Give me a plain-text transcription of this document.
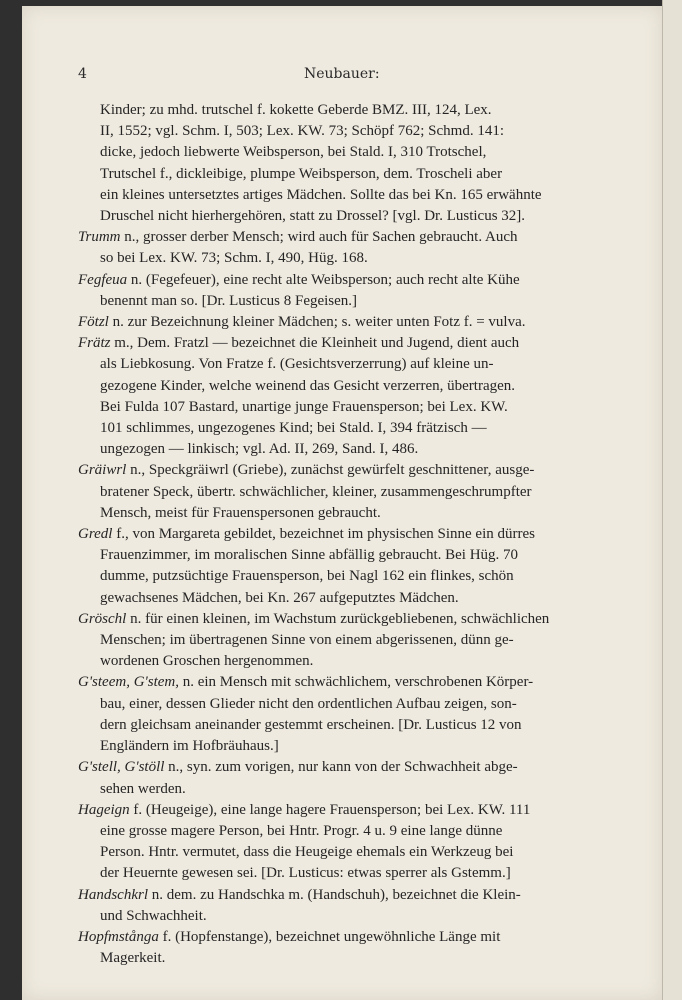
4	Neubauer:
Kinder; zu mhd. trutschel f. kokette Geberde BMZ. III, 124, Lex.
II, 1552; vgl. Schm. I, 503; Lex. KW. 73; Schöpf 762; Schmd. 141:
dicke, jedoch liebwerte Weibsperson, bei Stald. I, 310 Trotschel,
Trutschel f., dickleibige, plumpe Weibsperson, dem. Troscheli aber
ein kleines untersetztes artiges Mädchen. Sollte das bei Kn. 165 erwähnte
Druschel nicht hierhergehören, statt zu Drossel? [vgl. Dr. Lusticus 32].
Trumm n., grosser derber Mensch; wird auch für Sachen gebraucht. Auch
so bei Lex. KW. 73; Schm. I, 490, Hüg. 168.
Fegfeua n. (Fegefeuer), eine recht alte Weibsperson; auch recht alte Kühe
benennt man so. [Dr. Lusticus 8 Fegeisen.]
Fötzl n. zur Bezeichnung kleiner Mädchen; s. weiter unten Fotz f. = vulva.
Frätz m., Dem. Fratzl — bezeichnet die Kleinheit und Jugend, dient auch
als Liebkosung. Von Fratze f. (Gesichtsverzerrung) auf kleine un-
gezogene Kinder, welche weinend das Gesicht verzerren, übertragen.
Bei Fulda 107 Bastard, unartige junge Frauensperson; bei Lex. KW.
101 schlimmes, ungezogenes Kind; bei Stald. I, 394 frätzisch —
ungezogen — linkisch; vgl. Ad. II, 269, Sand. I, 486.
Gräiwrl n., Speckgräiwrl (Griebe), zunächst gewürfelt geschnittener, ausge-
bratener Speck, übertr. schwächlicher, kleiner, zusammengeschrumpfter
Mensch, meist für Frauenspersonen gebraucht.
Gredl f., von Margareta gebildet, bezeichnet im physischen Sinne ein dürres
Frauenzimmer, im moralischen Sinne abfällig gebraucht. Bei Hüg. 70
dumme, putzsüchtige Frauensperson, bei Nagl 162 ein flinkes, schön
gewachsenes Mädchen, bei Kn. 267 aufgeputztes Mädchen.
Gröschl n. für einen kleinen, im Wachstum zurückgebliebenen, schwächlichen
Menschen; im übertragenen Sinne von einem abgerissenen, dünn ge-
wordenen Groschen hergenommen.
G'steem, G'stem, n. ein Mensch mit schwächlichem, verschrobenen Körper-
bau, einer, dessen Glieder nicht den ordentlichen Aufbau zeigen, son-
dern gleichsam aneinander gestemmt erscheinen. [Dr. Lusticus 12 von
Engländern im Hofbräuhaus.]
G'stell, G'stöll n., syn. zum vorigen, nur kann von der Schwachheit abge-
sehen werden.
Hageign f. (Heugeige), eine lange hagere Frauensperson; bei Lex. KW. 111
eine grosse magere Person, bei Hntr. Progr. 4 u. 9 eine lange dünne
Person. Hntr. vermutet, dass die Heugeige ehemals ein Werkzeug bei
der Heuernte gewesen sei. [Dr. Lusticus: etwas sperrer als Gstemm.]
Handschkrl n. dem. zu Handschka m. (Handschuh), bezeichnet die Klein-
und Schwachheit.
Hopfmstånga f. (Hopfenstange), bezeichnet ungewöhnliche Länge mit
Magerkeit.
